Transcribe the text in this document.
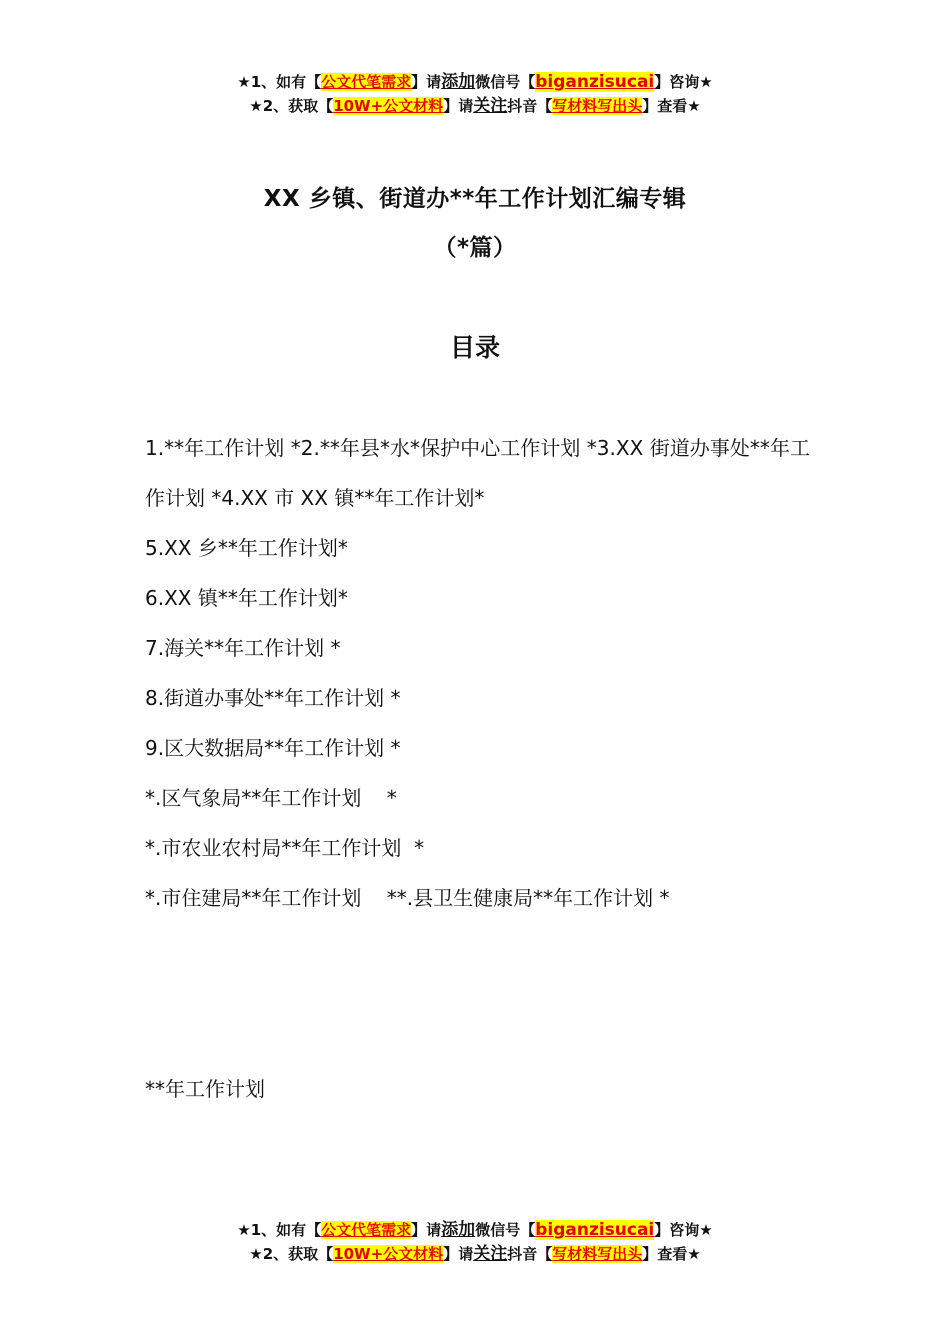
★1、如有【公文代笔需求】请添加微信号【biganzisucai】咨询★
★2、获取【10W+公文材料】请关注抖音【写材料写出头】查看★
XX 乡镇、街道办**年工作计划汇编专辑
（*篇）
目录

1.**年工作计划 *2.**年县*水*保护中心工作计划 *3.XX 街道办事处**年工作计划 *4.XX 市 XX 镇**年工作计划*

5.XX 乡**年工作计划*

6.XX 镇**年工作计划*

7.海关**年工作计划 *

8.街道办事处**年工作计划 *

9.区大数据局**年工作计划 *

*.区气象局**年工作计划    *

*.市农业农村局**年工作计划  *

*.市住建局**年工作计划    **.县卫生健康局**年工作计划 *

**年工作计划
★1、如有【公文代笔需求】请添加微信号【biganzisucai】咨询★
★2、获取【10W+公文材料】请关注抖音【写材料写出头】查看★
